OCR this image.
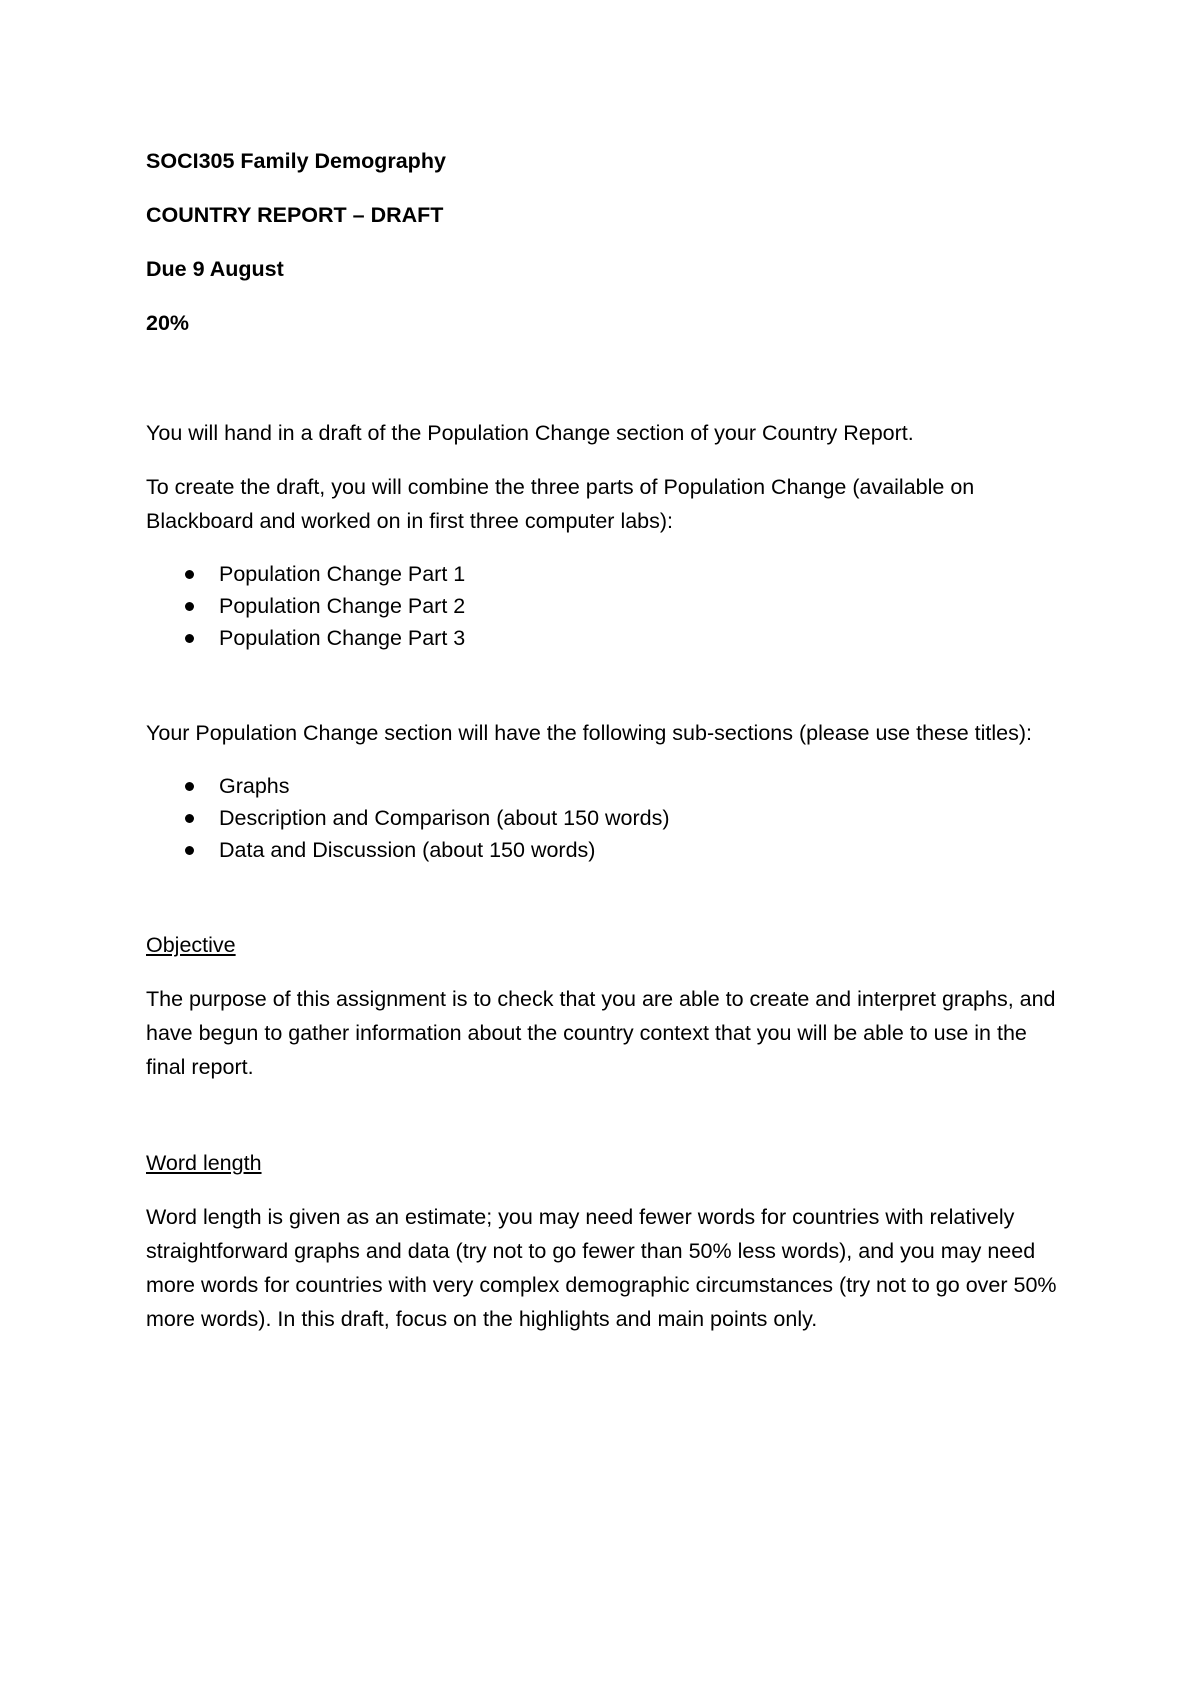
SOCI305 Family Demography
COUNTRY REPORT – DRAFT
Due 9 August
20%

You will hand in a draft of the Population Change section of your Country Report.

To create the draft, you will combine the three parts of Population Change (available on Blackboard and worked on in first three computer labs):

Population Change Part 1
Population Change Part 2
Population Change Part 3

Your Population Change section will have the following sub-sections (please use these titles):

Graphs
Description and Comparison (about 150 words)
Data and Discussion (about 150 words)

Objective

The purpose of this assignment is to check that you are able to create and interpret graphs, and have begun to gather information about the country context that you will be able to use in the final report.

Word length

Word length is given as an estimate; you may need fewer words for countries with relatively straightforward graphs and data (try not to go fewer than 50% less words), and you may need more words for countries with very complex demographic circumstances (try not to go over 50% more words). In this draft, focus on the highlights and main points only.
